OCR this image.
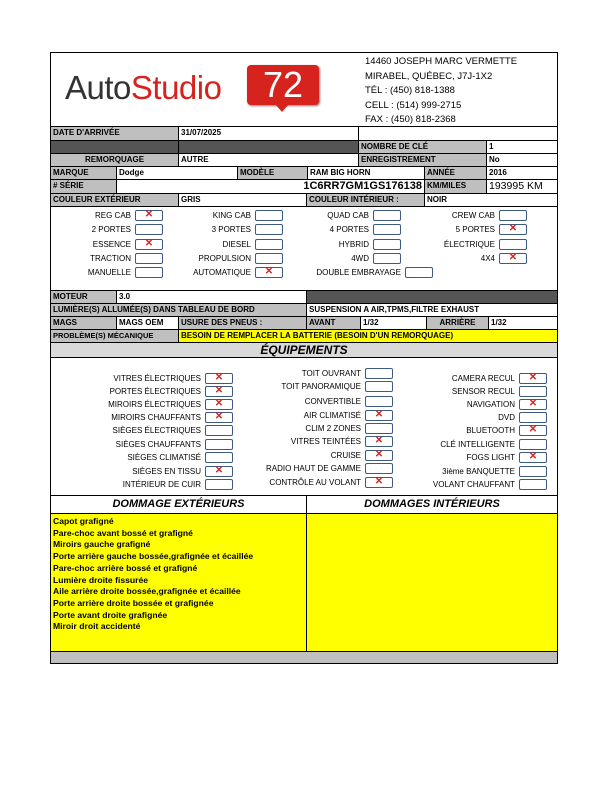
AutoStudio	72
14460 JOSEPH MARC VERMETTE
MIRABEL, QUÉBEC, J7J-1X2
TÉL : (450) 818-1388
CELL : (514) 999-2715
FAX : (450) 818-2368
DATE D'ARRIVÉE	31/07/2025
NOMBRE DE CLÉ	1
REMORQUAGE	AUTRE	ENREGISTREMENT	No
MARQUE	Dodge	MODÈLE	RAM BIG HORN	ANNÉE	2016
# SÉRIE	1C6RR7GM1GS176138 KM/MILES	193995 KM
COULEUR EXTÉRIEUR	GRIS	COULEUR INTÉRIEUR :	NOIR
REG CAB	✕	KING CAB	QUAD CAB	CREW CAB
2 PORTES	3 PORTES	4 PORTES	5 PORTES	✕
ESSENCE	✕	DIESEL	HYBRID	ÉLECTRIQUE
TRACTION	PROPULSION	4WD	4X4	✕
MANUELLE	AUTOMATIQUE	✕	DOUBLE EMBRAYAGE
MOTEUR	3.0
LUMIÈRE(S) ALLUMÉE(S) DANS TABLEAU DE BORD	SUSPENSION A AIR,TPMS,FILTRE EXHAUST
MAGS	MAGS OEM	USURE DES PNEUS :	AVANT	1/32	ARRIÈRE	1/32
PROBLÈME(S) MÉCANIQUE	BESOIN DE REMPLACER LA BATTERIE (BESOIN D'UN REMORQUAGE)
ÉQUIPEMENTS
VITRES ÉLECTRIQUES	✕
PORTES ÉLECTRIQUES	✕
MIROIRS ÉLECTRIQUES	✕
MIROIRS CHAUFFANTS	✕
SIÈGES ÉLECTRIQUES
SIÈGES CHAUFFANTS
SIÈGES CLIMATISÉ
SIÈGES EN TISSU	✕
INTÉRIEUR DE CUIR
TOIT OUVRANT
TOIT PANORAMIQUE
CONVERTIBLE
AIR CLIMATISÉ	✕
CLIM 2 ZONES
VITRES TEINTÉES	✕
CRUISE	✕
RADIO HAUT DE GAMME
CONTRÔLE AU VOLANT	✕
CAMERA RECUL	✕
SENSOR RECUL
NAVIGATION	✕
DVD
BLUETOOTH	✕
CLÉ INTELLIGENTE
FOGS LIGHT	✕
3ième BANQUETTE
VOLANT CHAUFFANT
DOMMAGE EXTÉRIEURS	DOMMAGES INTÉRIEURS
Capot grafigné
Pare-choc avant bossé et grafigné
Miroirs gauche grafigné
Porte arrière gauche bossée,grafignée et écaillée
Pare-choc arrière bossé et grafigné
Lumière droite fissurée
Aile arrière droite bossée,grafignée et écaillée
Porte arrière droite bossée et grafignée
Porte avant droite grafignée
Miroir droit accidenté
